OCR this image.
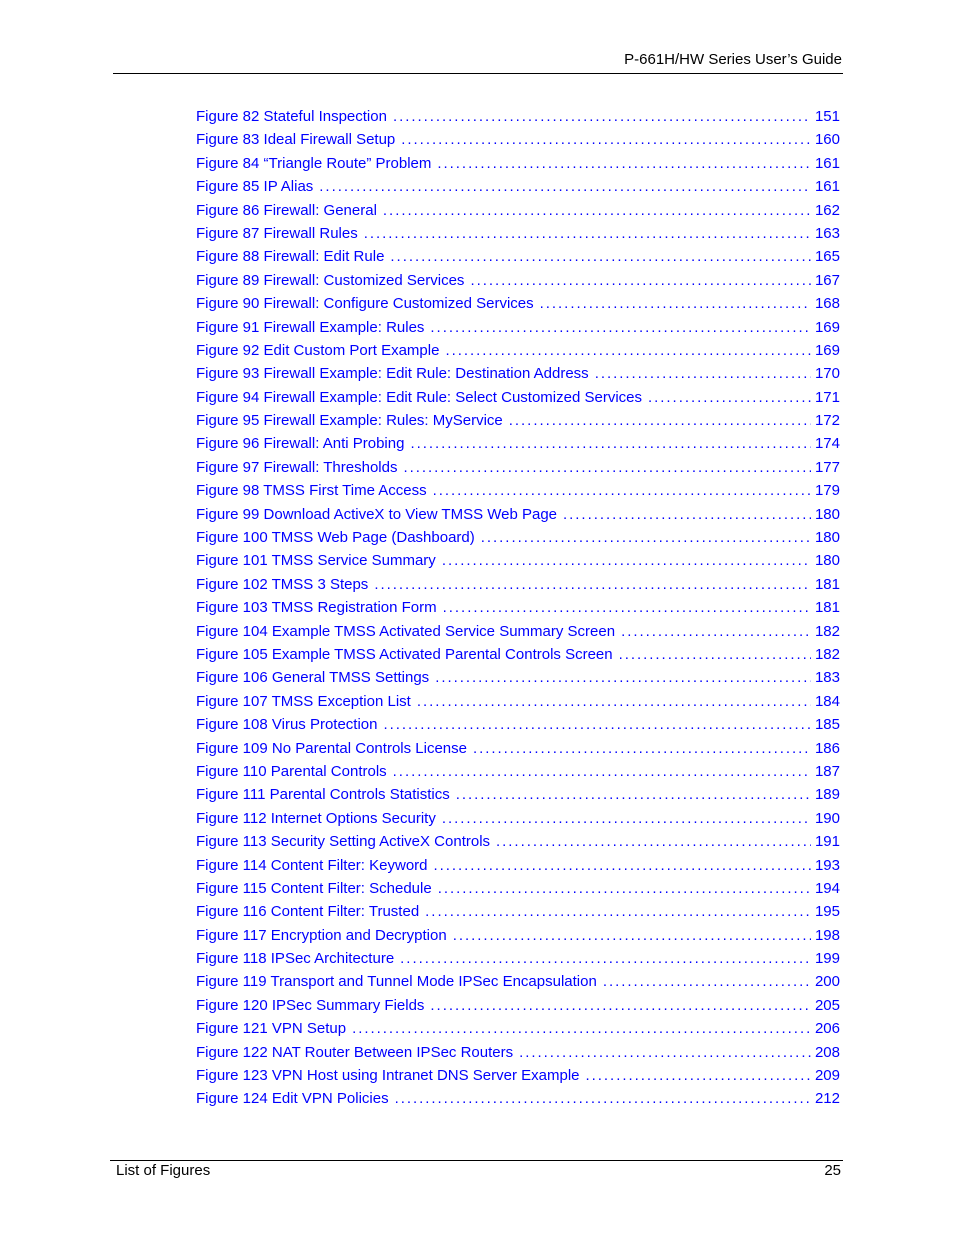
P-661H/HW Series User’s Guide
Figure 82 Stateful Inspection . . .	151
Figure 83 Ideal Firewall Setup . . .	160
Figure 84 “Triangle Route” Problem . . .	161
Figure 85 IP Alias . . .	161
Figure 86 Firewall: General . . .	162
Figure 87 Firewall Rules . . .	163
Figure 88 Firewall: Edit Rule . . .	165
Figure 89 Firewall: Customized Services . . .	167
Figure 90 Firewall: Configure Customized Services . . .	168
Figure 91 Firewall Example: Rules . . .	169
Figure 92 Edit Custom Port Example . . .	169
Figure 93 Firewall Example: Edit Rule: Destination Address . . .	170
Figure 94 Firewall Example: Edit Rule: Select Customized Services . . .	171
Figure 95 Firewall Example: Rules: MyService . . .	172
Figure 96 Firewall: Anti Probing . . .	174
Figure 97 Firewall: Thresholds . . .	177
Figure 98 TMSS First Time Access . . .	179
Figure 99 Download ActiveX to View TMSS Web Page . . .	180
Figure 100 TMSS Web Page (Dashboard) . . .	180
Figure 101 TMSS Service Summary . . .	180
Figure 102 TMSS 3 Steps . . .	181
Figure 103 TMSS Registration Form . . .	181
Figure 104 Example TMSS Activated Service Summary Screen . . .	182
Figure 105 Example TMSS Activated Parental Controls Screen . . .	182
Figure 106 General TMSS Settings . . .	183
Figure 107 TMSS Exception List . . .	184
Figure 108 Virus Protection . . .	185
Figure 109 No Parental Controls License . . .	186
Figure 110 Parental Controls . . .	187
Figure 111 Parental Controls Statistics . . .	189
Figure 112 Internet Options Security . . .	190
Figure 113 Security Setting ActiveX Controls . . .	191
Figure 114 Content Filter: Keyword . . .	193
Figure 115 Content Filter: Schedule . . .	194
Figure 116 Content Filter: Trusted . . .	195
Figure 117 Encryption and Decryption . . .	198
Figure 118 IPSec Architecture . . .	199
Figure 119 Transport and Tunnel Mode IPSec Encapsulation . . .	200
Figure 120 IPSec Summary Fields . . .	205
Figure 121 VPN Setup . . .	206
Figure 122 NAT Router Between IPSec Routers . . .	208
Figure 123 VPN Host using Intranet DNS Server Example . . .	209
Figure 124 Edit VPN Policies . . .	212
List of Figures	25
